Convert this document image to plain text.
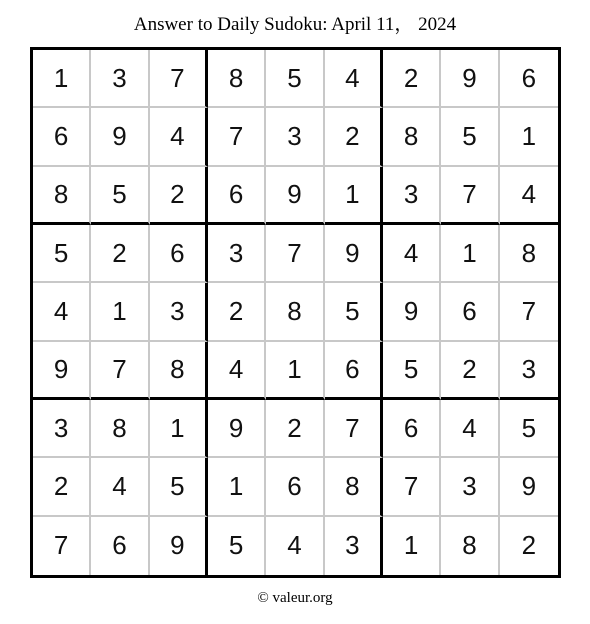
Answer to Daily Sudoku: April 11， 2024
1	3	7	8	5	4	2	9	6
6	9	4	7	3	2	8	5	1
8	5	2	6	9	1	3	7	4
5	2	6	3	7	9	4	1	8
4	1	3	2	8	5	9	6	7
9	7	8	4	1	6	5	2	3
3	8	1	9	2	7	6	4	5
2	4	5	1	6	8	7	3	9
7	6	9	5	4	3	1	8	2
© valeur.org
